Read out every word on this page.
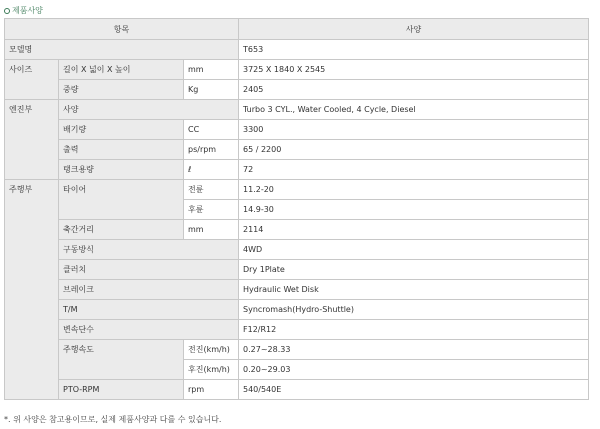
제품사양
항목			사양
모델명			T653
사이즈	길이 X 넓이 X 높이	mm	3725 X 1840 X 2545
	중량	Kg	2405
엔진부	사양		Turbo 3 CYL., Water Cooled, 4 Cycle, Diesel
	배기량	CC	3300
	출력	ps/rpm	65 / 2200
	탱크용량	ℓ	72
주행부	타이어	전륜	11.2-20
		후륜	14.9-30
	축간거리	mm	2114
	구동방식		4WD
	클러치		Dry 1Plate
	브레이크		Hydraulic Wet Disk
	T/M		Syncromash(Hydro-Shuttle)
	변속단수		F12/R12
	주행속도	전진(km/h)	0.27~28.33
		후진(km/h)	0.20~29.03
	PTO-RPM	rpm	540/540E
*. 위 사양은 참고용이므로, 실제 제품사양과 다를 수 있습니다.
